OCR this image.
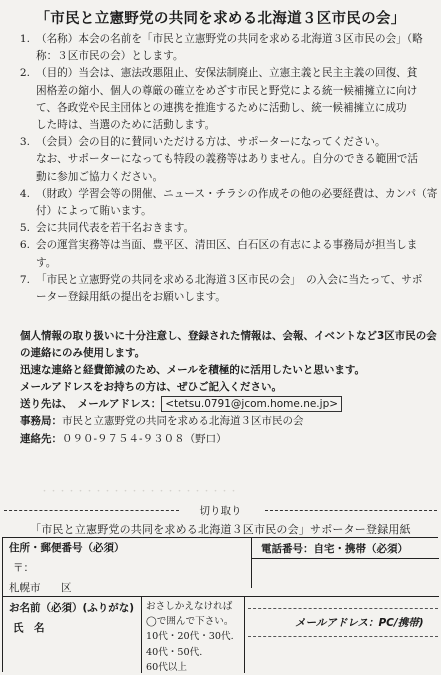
「市民と立憲野党の共同を求める北海道３区市民の会」
1. （名称）本会の名前を「市民と立憲野党の共同を求める北海道３区市民の会」（略
称：３区市民の会）とします。
2. （目的）当会は、憲法改悪阻止、安保法制廃止、立憲主義と民主主義の回復、貧
困格差の縮小、個人の尊厳の確立をめざす市民と野党による統一候補擁立に向け
て、各政党や民主団体との連携を推進するために活動し、統一候補擁立に成功
した時は、当選のために活動します。
3. （会員）会の目的に賛同いただける方は、サポーターになってください。
なお、サポーターになっても特段の義務等はありません。自分のできる範囲で活
動に参加ご協力ください。
4. （財政）学習会等の開催、ニュース・チラシの作成その他の必要経費は、カンパ（寄
付）によって賄います。
5. 会に共同代表を若干名おきます。
6. 会の運営実務等は当面、豊平区、清田区、白石区の有志による事務局が担当しま
す。
7. 「市民と立憲野党の共同を求める北海道３区市民の会」　の入会に当たって、サポ
ーター登録用紙の提出をお願いします。
個人情報の取り扱いに十分注意し、登録された情報は、会報、イベントなど3区市民の会
の連絡にのみ使用します。
迅速な連絡と経費節減のため、メールを積極的に活用したいと思います。
メールアドレスをお持ちの方は、ぜひご記入ください。
送り先は、　メールアドレス： <tetsu.0791@jcom.home.ne.jp>
事務局：市民と立憲野党の共同を求める北海道３区市民の会
連絡先：０９０-９７５４-９３０８（野口）
・・・・・・・・・・・・・・・・・・・・・・
切り取り
「市民と立憲野党の共同を求める北海道３区市民の会」サポーター登録用紙
住所・郵便番号（必須）
〒：
札幌市 区
電話番号：自宅・携帯（必須）
お名前（必須）(ふりがな)
氏　名
おさしかえなければ
◯で囲んで下さい。
10代・20代・30代.
40代・50代.
60代以上
メールアドレス：PC/携帯)
